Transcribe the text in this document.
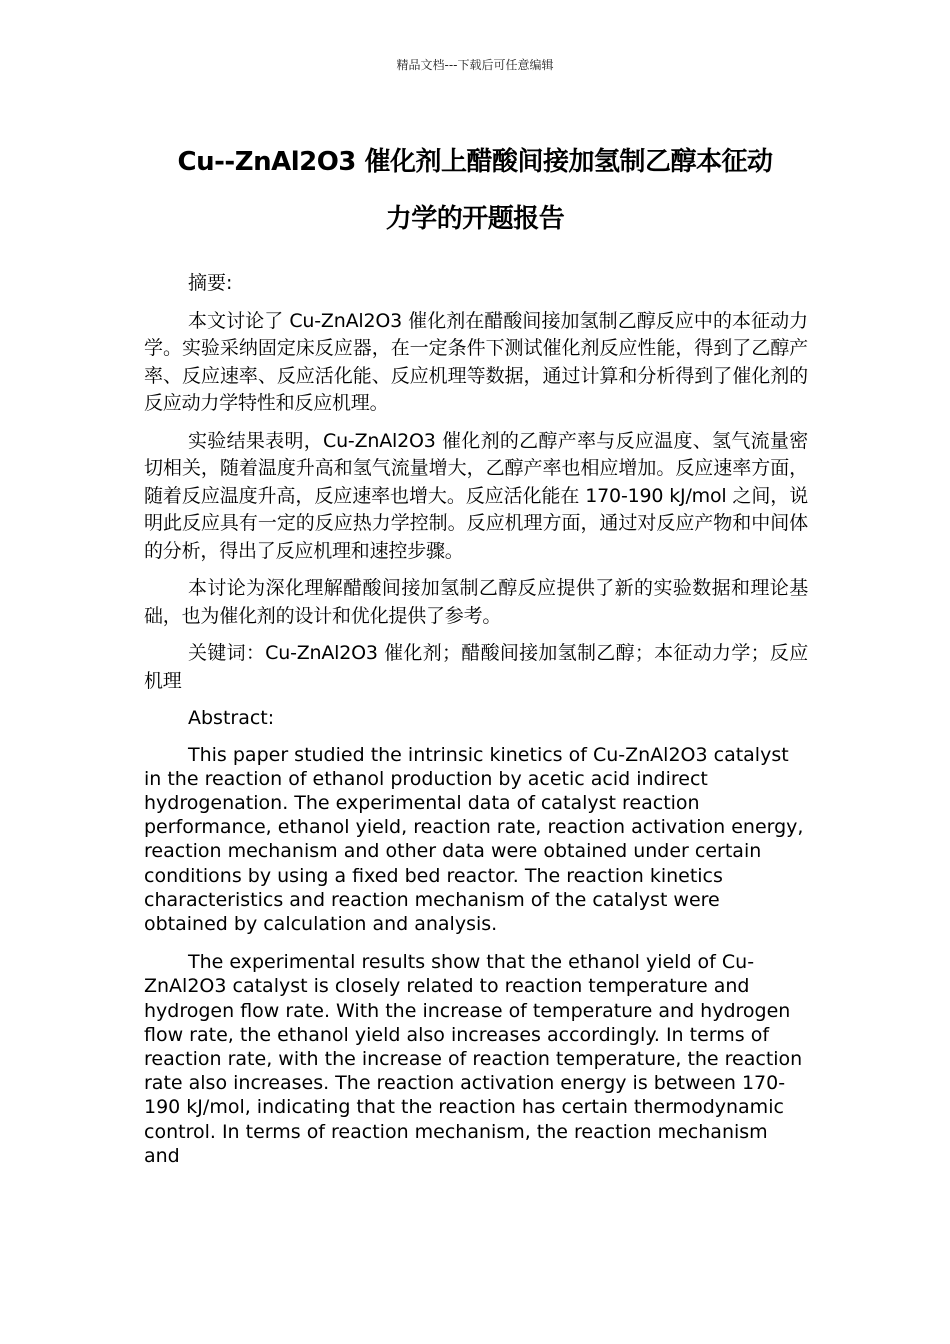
精品文档---下载后可任意编辑
Cu--ZnAl2O3 催化剂上醋酸间接加氢制乙醇本征动
力学的开题报告

摘要:

本文讨论了 Cu-ZnAl2O3 催化剂在醋酸间接加氢制乙醇反应中的本征动力学。实验采纳固定床反应器，在一定条件下测试催化剂反应性能，得到了乙醇产率、反应速率、反应活化能、反应机理等数据，通过计算和分析得到了催化剂的反应动力学特性和反应机理。

实验结果表明，Cu-ZnAl2O3 催化剂的乙醇产率与反应温度、氢气流量密切相关，随着温度升高和氢气流量增大，乙醇产率也相应增加。反应速率方面，随着反应温度升高，反应速率也增大。反应活化能在 170-190 kJ/mol 之间，说明此反应具有一定的反应热力学控制。反应机理方面，通过对反应产物和中间体的分析，得出了反应机理和速控步骤。

本讨论为深化理解醋酸间接加氢制乙醇反应提供了新的实验数据和理论基础，也为催化剂的设计和优化提供了参考。

关键词：Cu-ZnAl2O3 催化剂；醋酸间接加氢制乙醇；本征动力学；反应机理

Abstract:

This paper studied the intrinsic kinetics of Cu-ZnAl2O3 catalyst in the reaction of ethanol production by acetic acid indirect hydrogenation. The experimental data of catalyst reaction performance, ethanol yield, reaction rate, reaction activation energy, reaction mechanism and other data were obtained under certain conditions by using a fixed bed reactor. The reaction kinetics characteristics and reaction mechanism of the catalyst were obtained by calculation and analysis.

The experimental results show that the ethanol yield of Cu-ZnAl2O3 catalyst is closely related to reaction temperature and hydrogen flow rate. With the increase of temperature and hydrogen flow rate, the ethanol yield also increases accordingly. In terms of reaction rate, with the increase of reaction temperature, the reaction rate also increases. The reaction activation energy is between 170-190 kJ/mol, indicating that the reaction has certain thermodynamic control. In terms of reaction mechanism, the reaction mechanism and
